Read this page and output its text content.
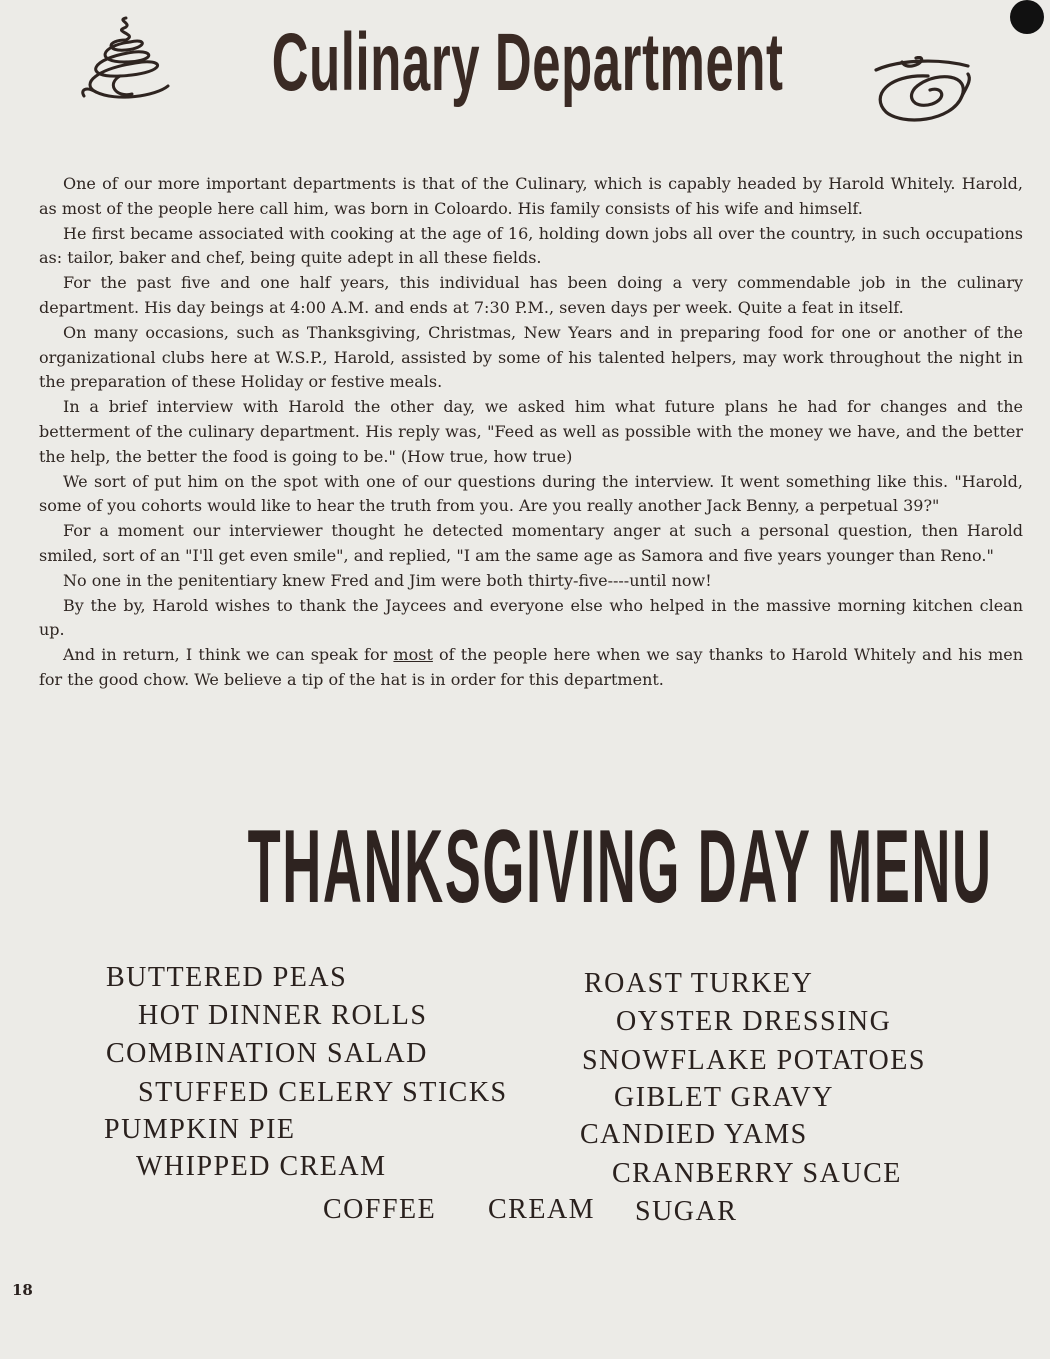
Culinary Department

One of our more important departments is that of the Culinary, which is capably headed by Harold Whitely. Harold, as most of the people here call him, was born in Coloardo. His family consists of his wife and himself.

He first became associated with cooking at the age of 16, holding down jobs all over the country, in such occupations as: tailor, baker and chef, being quite adept in all these fields.

For the past five and one half years, this individual has been doing a very commendable job in the culinary department. His day beings at 4:00 A.M. and ends at 7:30 P.M., seven days per week. Quite a feat in itself.

On many occasions, such as Thanksgiving, Christmas, New Years and in preparing food for one or another of the organizational clubs here at W.S.P., Harold, assisted by some of his talented helpers, may work throughout the night in the preparation of these Holiday or festive meals.

In a brief interview with Harold the other day, we asked him what future plans he had for changes and the betterment of the culinary department. His reply was, "Feed as well as possible with the money we have, and the better the help, the better the food is going to be." (How true, how true)

We sort of put him on the spot with one of our questions during the interview. It went something like this. "Harold, some of you cohorts would like to hear the truth from you. Are you really another Jack Benny, a perpetual 39?"

For a moment our interviewer thought he detected momentary anger at such a personal question, then Harold smiled, sort of an "I'll get even smile", and replied, "I am the same age as Samora and five years younger than Reno."

No one in the penitentiary knew Fred and Jim were both thirty-five----until now!

By the by, Harold wishes to thank the Jaycees and everyone else who helped in the massive morning kitchen clean up.

And in return, I think we can speak for most of the people here when we say thanks to Harold Whitely and his men for the good chow. We believe a tip of the hat is in order for this department.

THANKSGIVING DAY MENU
BUTTERED PEAS
HOT DINNER ROLLS
COMBINATION SALAD
STUFFED CELERY STICKS
PUMPKIN PIE
WHIPPED CREAM
ROAST TURKEY
OYSTER DRESSING
SNOWFLAKE POTATOES
GIBLET GRAVY
CANDIED YAMS
CRANBERRY SAUCE
COFFEE CREAM SUGAR
18
